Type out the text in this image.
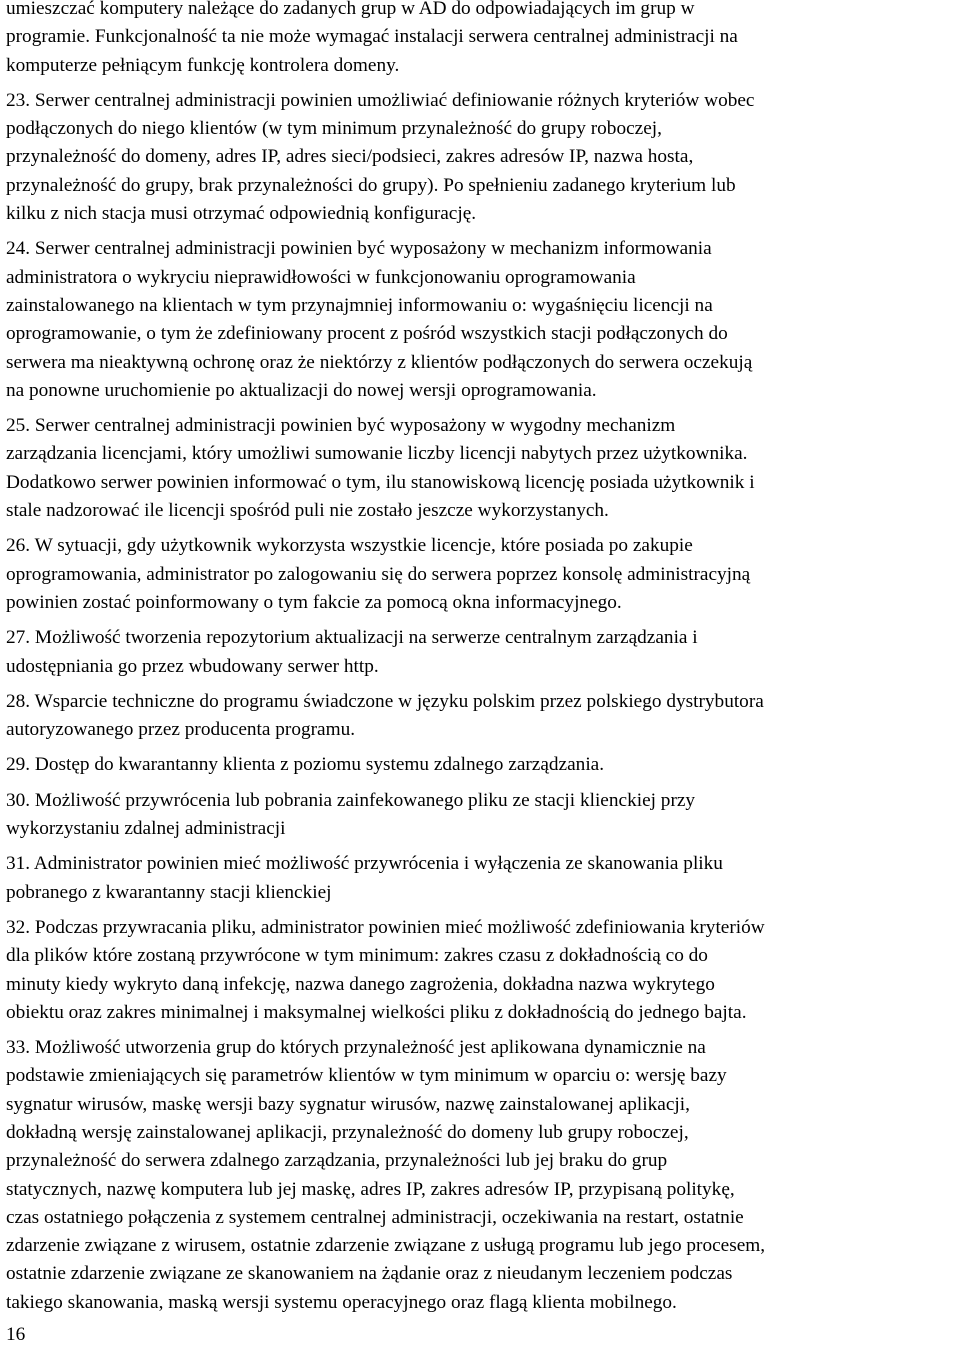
umieszczać komputery należące do zadanych grup w AD do odpowiadających im grup w
programie. Funkcjonalność ta nie może wymagać instalacji serwera centralnej administracji na
komputerze pełniącym funkcję kontrolera domeny.

23. Serwer centralnej administracji powinien umożliwiać definiowanie różnych kryteriów wobec
podłączonych do niego klientów (w tym minimum przynależność do grupy roboczej,
przynależność do domeny, adres IP, adres sieci/podsieci, zakres adresów IP, nazwa hosta,
przynależność do grupy, brak przynależności do grupy). Po spełnieniu zadanego kryterium lub
kilku z nich stacja musi otrzymać odpowiednią konfigurację.

24. Serwer centralnej administracji powinien być wyposażony w mechanizm informowania
administratora o wykryciu nieprawidłowości w funkcjonowaniu oprogramowania
zainstalowanego na klientach w tym przynajmniej informowaniu o: wygaśnięciu licencji na
oprogramowanie, o tym że zdefiniowany procent z pośród wszystkich stacji podłączonych do
serwera ma nieaktywną ochronę oraz że niektórzy z klientów podłączonych do serwera oczekują
na ponowne uruchomienie po aktualizacji do nowej wersji oprogramowania.

25. Serwer centralnej administracji powinien być wyposażony w wygodny mechanizm
zarządzania licencjami, który umożliwi sumowanie liczby licencji nabytych przez użytkownika.
Dodatkowo serwer powinien informować o tym, ilu stanowiskową licencję posiada użytkownik i
stale nadzorować ile licencji spośród puli nie zostało jeszcze wykorzystanych.

26. W sytuacji, gdy użytkownik wykorzysta wszystkie licencje, które posiada po zakupie
oprogramowania, administrator po zalogowaniu się do serwera poprzez konsolę administracyjną
powinien zostać poinformowany o tym fakcie za pomocą okna informacyjnego.

27. Możliwość tworzenia repozytorium aktualizacji na serwerze centralnym zarządzania i
udostępniania go przez wbudowany serwer http.

28. Wsparcie techniczne do programu świadczone w języku polskim przez polskiego dystrybutora
autoryzowanego przez producenta programu.

29. Dostęp do kwarantanny klienta z poziomu systemu zdalnego zarządzania.

30. Możliwość przywrócenia lub pobrania zainfekowanego pliku ze stacji klienckiej przy
wykorzystaniu zdalnej administracji

31. Administrator powinien mieć możliwość przywrócenia i wyłączenia ze skanowania pliku
pobranego z kwarantanny stacji klienckiej

32. Podczas przywracania pliku, administrator powinien mieć możliwość zdefiniowania kryteriów
dla plików które zostaną przywrócone w tym minimum: zakres czasu z dokładnością co do
minuty kiedy wykryto daną infekcję, nazwa danego zagrożenia, dokładna nazwa wykrytego
obiektu oraz zakres minimalnej i maksymalnej wielkości pliku z dokładnością do jednego bajta.

33. Możliwość utworzenia grup do których przynależność jest aplikowana dynamicznie na
podstawie zmieniających się parametrów klientów w tym minimum w oparciu o: wersję bazy
sygnatur wirusów, maskę wersji bazy sygnatur wirusów, nazwę zainstalowanej aplikacji,
dokładną wersję zainstalowanej aplikacji, przynależność do domeny lub grupy roboczej,
przynależność do serwera zdalnego zarządzania, przynależności lub jej braku do grup
statycznych, nazwę komputera lub jej maskę, adres IP, zakres adresów IP, przypisaną politykę,
czas ostatniego połączenia z systemem centralnej administracji, oczekiwania na restart, ostatnie
zdarzenie związane z wirusem, ostatnie zdarzenie związane z usługą programu lub jego procesem,
ostatnie zdarzenie związane ze skanowaniem na żądanie oraz z nieudanym leczeniem podczas
takiego skanowania, maską wersji systemu operacyjnego oraz flagą klienta mobilnego.

16
